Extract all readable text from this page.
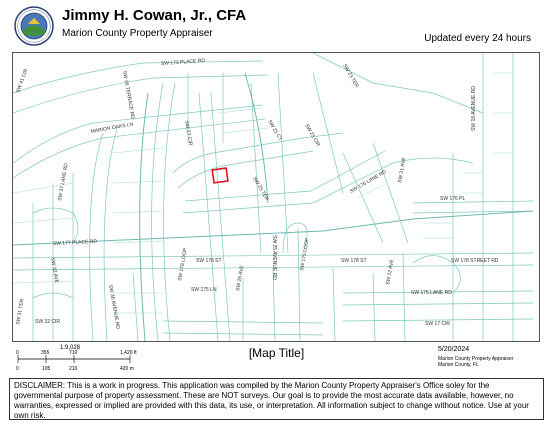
Jimmy H. Cowan, Jr., CFA
Marion County Property Appraiser	Updated every 24 hours
SW 23 TER
SW 26 TERRACE RD
SW 173 PLACE RD
SW 41 CIR
MARION OAKS LN	SW 27 CIR	SW 25 CT	SW 25 CIR
SW 18 AVENUE RD
SW 25 TER	SW 176 LANE RD SW 21 AVE
SW 176 PL
SW 37 LANE RD
SW 177 PLACE RD
SW 33 AVE	SW 178 ST	SW 178 ST
SW 25 AVENUE RD	SW 178 STREET RD
SW 178 LOOP
SW 175 LN	SW 26 AVE
SW 175 LOOP
SW 22 AVE
SW 175 LANE RD
SW 31 TER	SW 36 AVENUE RD
SW 32 CIR	SW 17 CIR
1:9,028
0	355	710	1,420 ft
0	105	210	420 m
[Map Title]	5/20/2024
Marion County Property Appraiser
Marion County, FL
DISCLAIMER: This is a work in progress. This application was compiled by the Marion County Property Appraiser's Office soley for the governmental purpose of property assessment. These are NOT surveys. Our goal is to provide the most accurate data available, however, no warranties, expressed or implied are provided with this data, its use, or interpretation. All information subject to change without notice. Use at your own risk.
